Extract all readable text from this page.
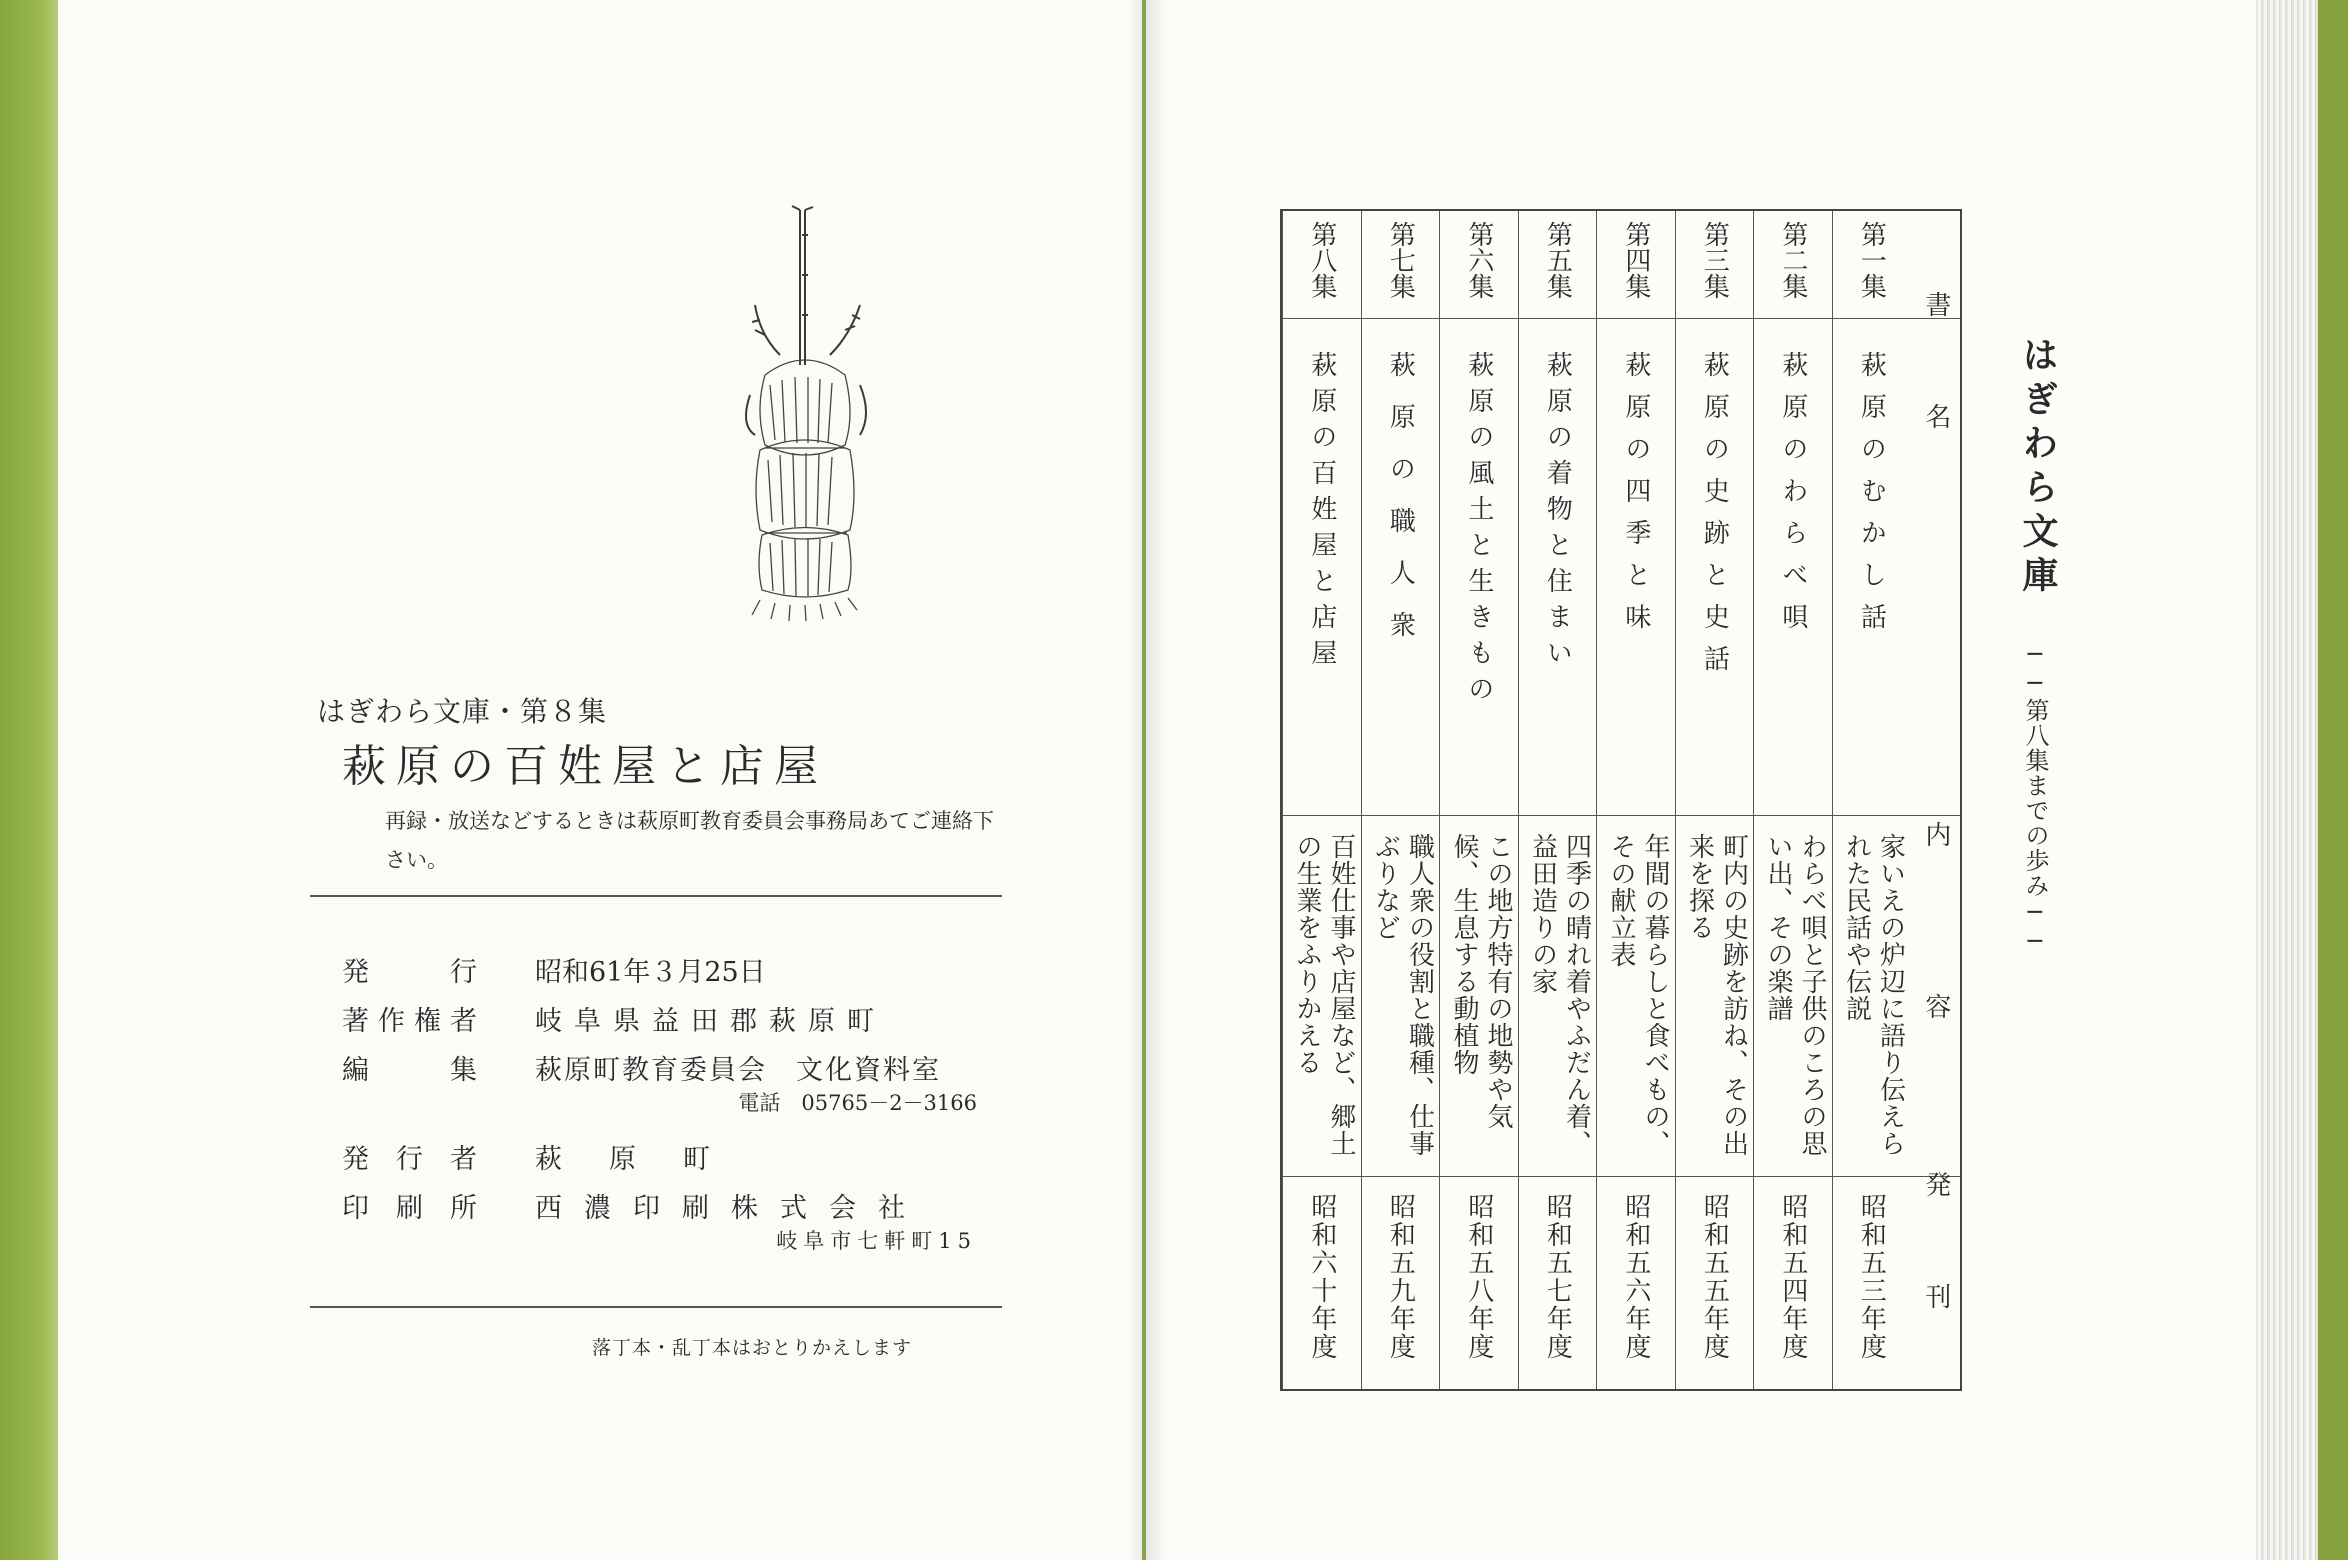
はぎわら文庫・第８集
萩原の百姓屋と店屋
再録・放送などするときは萩原町教育委員会事務局あてご連絡下さい。
発	行 昭和61年３月25日
著 作 権 者 岐阜県益田郡萩原町
編	集 萩原町教育委員会　文化資料室
電話　05765－2－3166
発 行 者 萩　原　町
印 刷 所 西濃印刷株式会社
岐阜市七軒町15
落丁本・乱丁本はおとりかえします
書　名
内　容
発　刊
第一集
萩原のむかし話
家いえの炉辺に語り伝えられた民話や伝説
昭和五三年度
第二集
萩原のわらべ唄
わらべ唄と子供のころの思い出、その楽譜
昭和五四年度
第三集
萩原の史跡と史話
町内の史跡を訪ね、その出来を探る
昭和五五年度
第四集
萩原の四季と味
年間の暮らしと食べもの、その献立表
昭和五六年度
第五集
萩原の着物と住まい
四季の晴れ着やふだん着、益田造りの家
昭和五七年度
第六集
萩原の風土と生きもの
この地方特有の地勢や気候、生息する動植物
昭和五八年度
第七集
萩原の職人衆
職人衆の役割と職種、仕事ぶりなど
昭和五九年度
第八集
萩原の百姓屋と店屋
百姓仕事や店屋など、郷土の生業をふりかえる
昭和六十年度
はぎわら文庫
──第八集までの歩み──
